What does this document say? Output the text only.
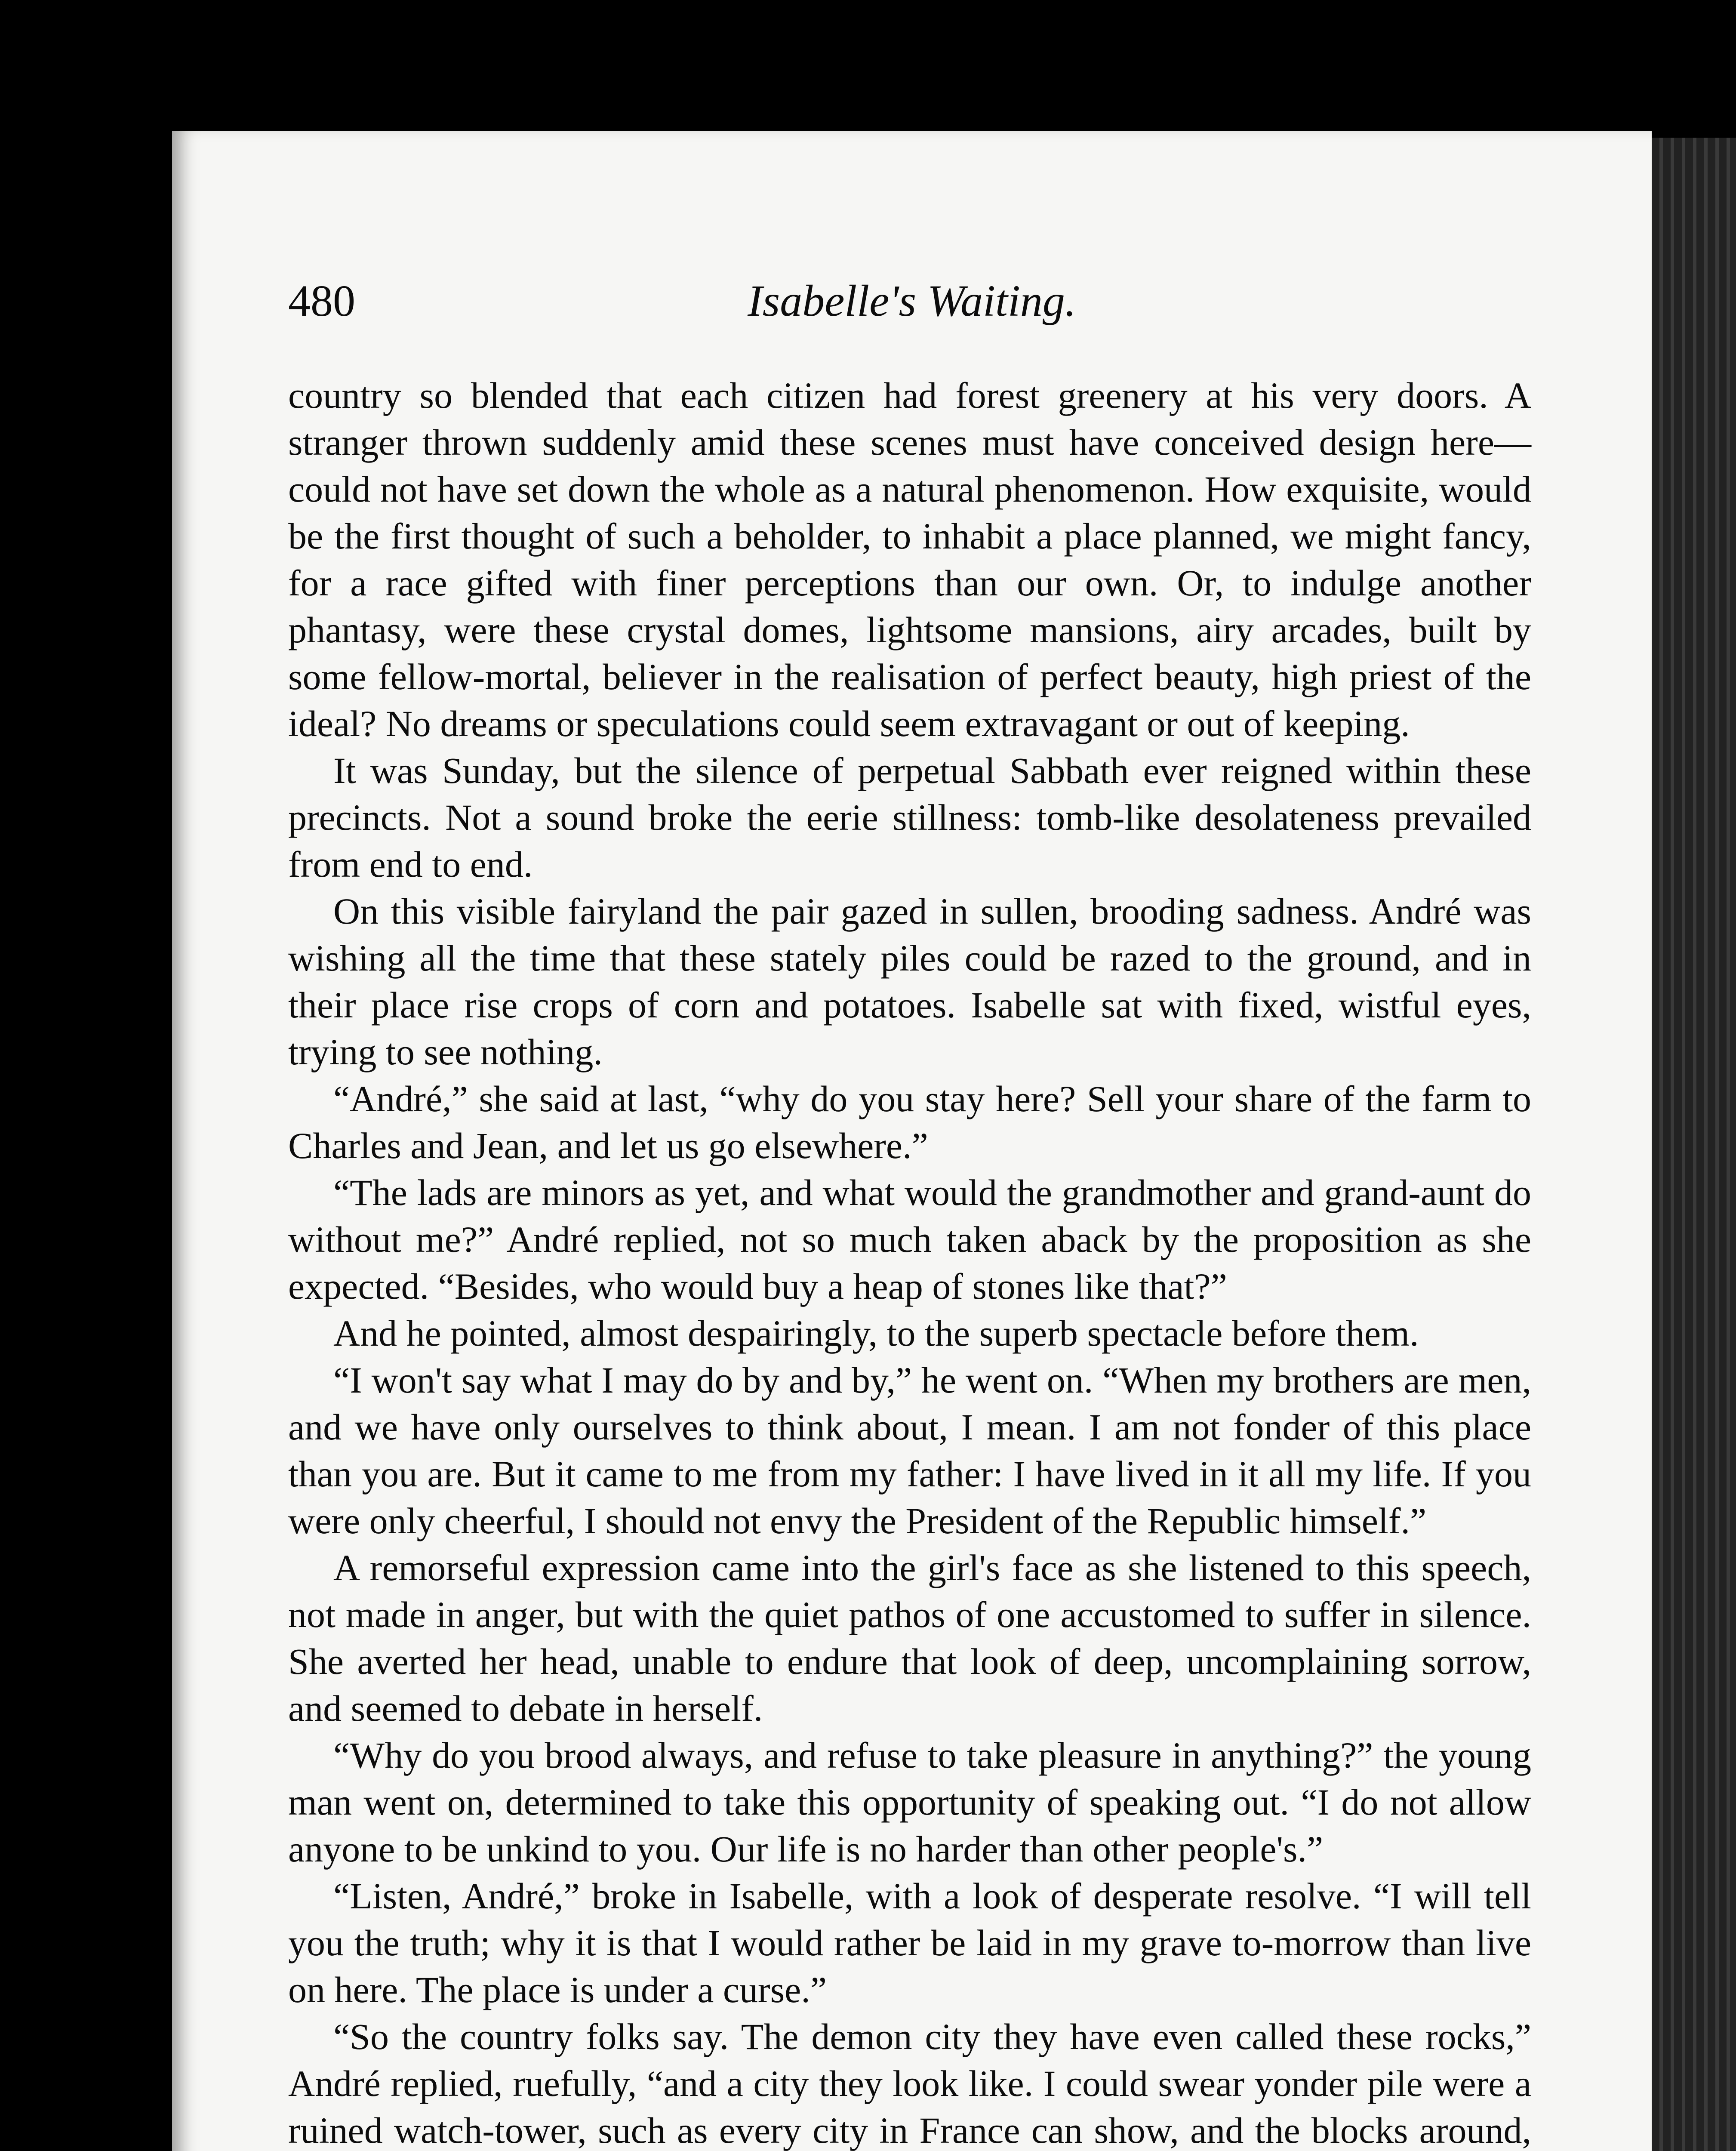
480	Isabelle's Waiting.

country so blended that each citizen had forest greenery at his very doors. A stranger thrown suddenly amid these scenes must have conceived design here—could not have set down the whole as a natural phenomenon. How exquisite, would be the first thought of such a beholder, to inhabit a place planned, we might fancy, for a race gifted with finer perceptions than our own. Or, to indulge another phantasy, were these crystal domes, lightsome mansions, airy arcades, built by some fellow-mortal, believer in the realisation of perfect beauty, high priest of the ideal? No dreams or speculations could seem extravagant or out of keeping.

It was Sunday, but the silence of perpetual Sabbath ever reigned within these precincts. Not a sound broke the eerie stillness: tomb-like desolateness prevailed from end to end.

On this visible fairyland the pair gazed in sullen, brooding sadness. André was wishing all the time that these stately piles could be razed to the ground, and in their place rise crops of corn and potatoes. Isabelle sat with fixed, wistful eyes, trying to see nothing.

“André,” she said at last, “why do you stay here? Sell your share of the farm to Charles and Jean, and let us go elsewhere.”

“The lads are minors as yet, and what would the grandmother and grand-aunt do without me?” André replied, not so much taken aback by the proposition as she expected. “Besides, who would buy a heap of stones like that?”

And he pointed, almost despairingly, to the superb spectacle before them.

“I won't say what I may do by and by,” he went on. “When my brothers are men, and we have only ourselves to think about, I mean. I am not fonder of this place than you are. But it came to me from my father: I have lived in it all my life. If you were only cheerful, I should not envy the President of the Republic himself.”

A remorseful expression came into the girl's face as she listened to this speech, not made in anger, but with the quiet pathos of one accustomed to suffer in silence. She averted her head, unable to endure that look of deep, uncomplaining sorrow, and seemed to debate in herself.

“Why do you brood always, and refuse to take pleasure in anything?” the young man went on, determined to take this opportunity of speaking out. “I do not allow anyone to be unkind to you. Our life is no harder than other people's.”

“Listen, André,” broke in Isabelle, with a look of desperate resolve. “I will tell you the truth; why it is that I would rather be laid in my grave to-morrow than live on here. The place is under a curse.”

“So the country folks say. The demon city they have even called these rocks,” André replied, ruefully, “and a city they look like. I could swear yonder pile were a ruined watch-tower, such as every city in France can show, and the blocks around,
